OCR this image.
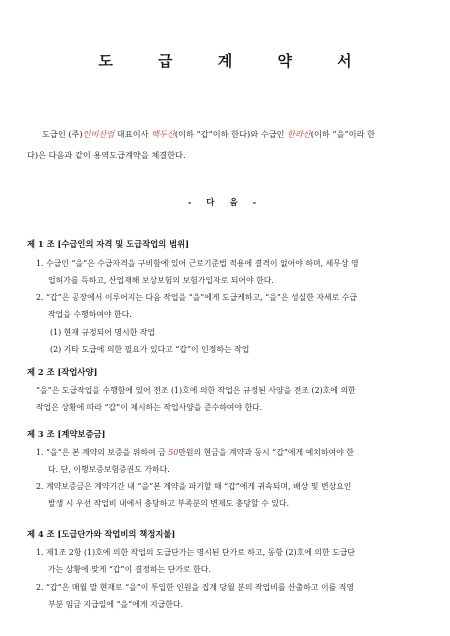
도 급 계 약 서
도급인 (주)인비산업 대표이사 백두산(이하 “갑”이하 한다)와 수급인 한라산(이하 “을”이라 한
다)은 다음과 같이 용역도급계약을 체결한다.
- 다 음 -
제 1 조 [수급인의 자격 및 도급작업의 범위]
1. 수급인 “을”은 수급자격을 구비함에 있어 근로기준법 적용에 결격이 없어야 하며, 세무상 영
업허가를 득하고, 산업재해 보상보험의 보험가입자로 되어야 한다.
2. “갑”은 공장에서 이루어지는 다음 작업을 “을”에게 도급케하고, “을”은 성실한 자세로 수급
작업을 수행하여야 한다.
(1) 현재 규정되어 명시한 작업
(2) 기타 도급에 의한 필요가 있다고 “갑”이 인정하는 작업
제 2 조 [작업사양]
“을”은 도급작업을 수행함에 있어 전조 (1)호에 의한 작업은 규정된 사양을 전조 (2)호에 의한
작업은 상황에 따라 “갑”이 제시하는 작업사양을 준수하여야 한다.
제 3 조 [계약보증금]
1. “을”은 본 계약의 보증을 위하여 금 50만원의 현금을 계약과 동시 “갑”에게 예치하여야 한
다. 단, 이행보증보험증권도 가하다.
2. 계약보증금은 계약기간 내 “을”본 계약을 파기할 때 “갑”에게 귀속되며, 배상 및 변상요인
발생 시 우선 작업비 내에서 충당하고 부족분의 변제도 충당할 수 있다.
제 4 조 [도급단가와 작업비의 책정지불]
1. 제1조 2항 (1)호에 의한 작업의 도급단가는 명시된 단가로 하고, 동항 (2)호에 의한 도급단
가는 상황에 맞게 “갑”이 결정하는 단가로 한다.
2. “갑”은 매월 말 현재로 “을”이 투입한 인원을 집계 당월 분의 작업비를 산출하고 이를 직영
부분 임금 지급일에 “을”에게 지급한다.
